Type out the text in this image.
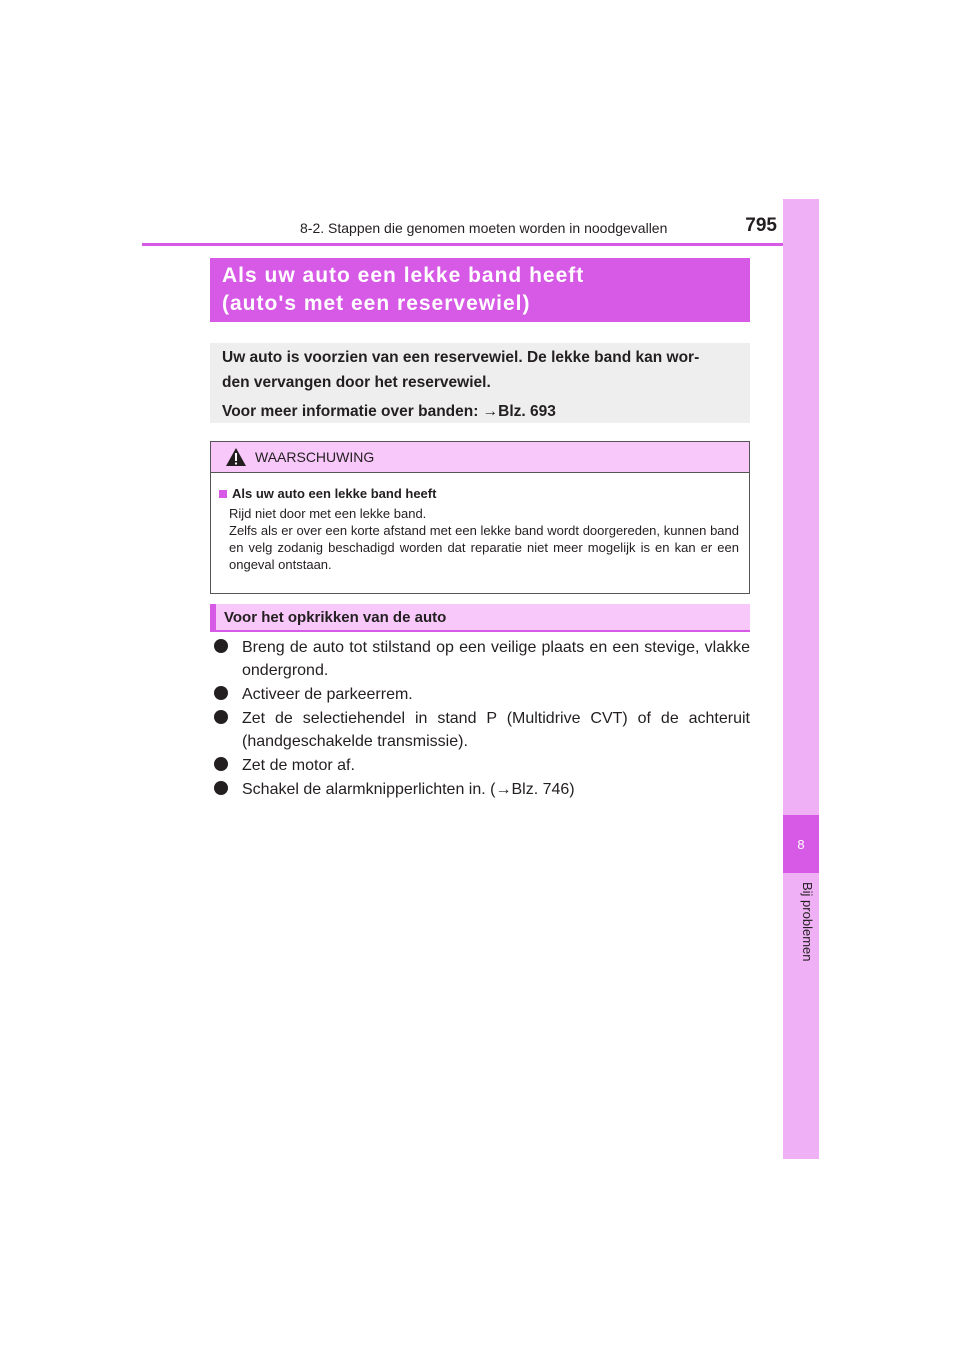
8-2. Stappen die genomen moeten worden in noodgevallen	795
8
Bij problemen
Als uw auto een lekke band heeft
(auto's met een reservewiel)

Uw auto is voorzien van een reservewiel. De lekke band kan wor-

den vervangen door het reservewiel.

Voor meer informatie over banden: →Blz. 693

WAARSCHUWING
Als uw auto een lekke band heeft

Rijd niet door met een lekke band.

Zelfs als er over een korte afstand met een lekke band wordt doorgereden, kunnen band en velg zodanig beschadigd worden dat reparatie niet meer mogelijk is en kan er een ongeval ontstaan.

Voor het opkrikken van de auto
Breng de auto tot stilstand op een veilige plaats en een stevige, vlakke ondergrond.
Activeer de parkeerrem.
Zet de selectiehendel in stand P (Multidrive CVT) of de achteruit (handgeschakelde transmissie).
Zet de motor af.
Schakel de alarmknipperlichten in. (→Blz. 746)
